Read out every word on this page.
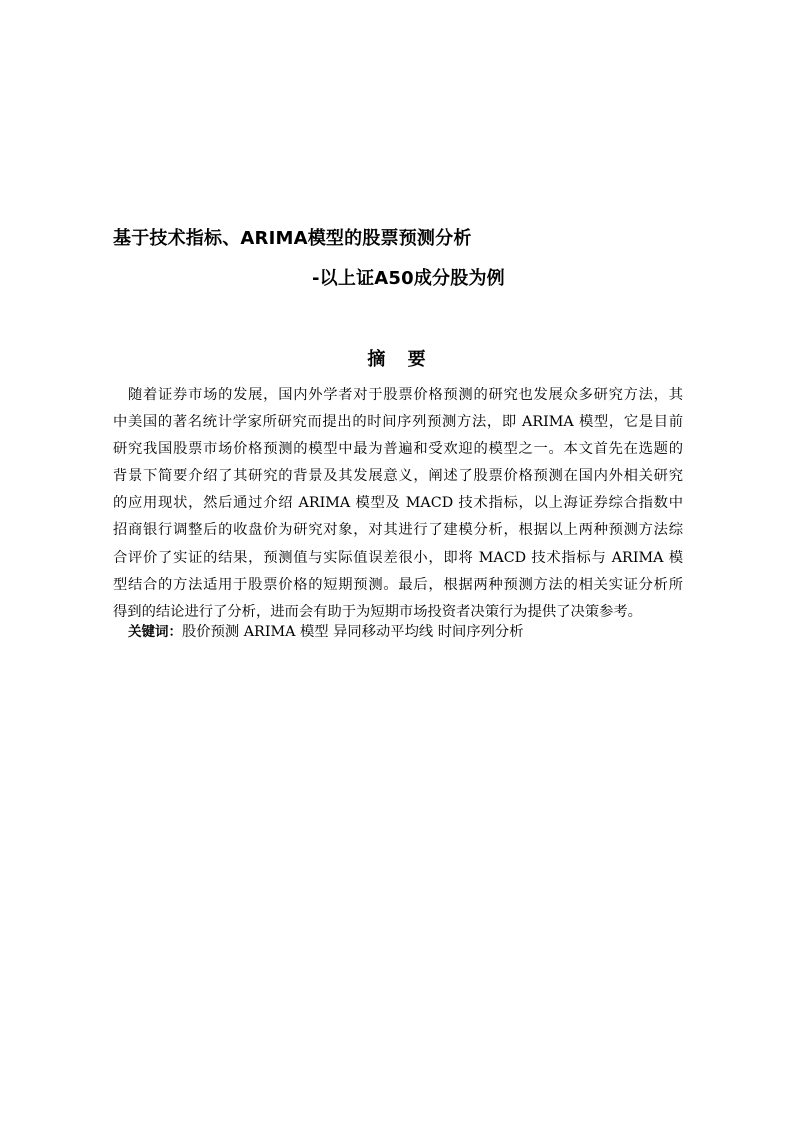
基于技术指标、ARIMA模型的股票预测分析
-以上证A50成分股为例
摘 要
随着证券市场的发展，国内外学者对于股票价格预测的研究也发展众多研究方法，其
中美国的著名统计学家所研究而提出的时间序列预测方法，即 ARIMA 模型，它是目前
研究我国股票市场价格预测的模型中最为普遍和受欢迎的模型之一。本文首先在选题的
背景下简要介绍了其研究的背景及其发展意义，阐述了股票价格预测在国内外相关研究
的应用现状，然后通过介绍 ARIMA 模型及 MACD 技术指标，以上海证券综合指数中
招商银行调整后的收盘价为研究对象，对其进行了建模分析，根据以上两种预测方法综
合评价了实证的结果，预测值与实际值误差很小，即将 MACD 技术指标与 ARIMA 模
型结合的方法适用于股票价格的短期预测。最后，根据两种预测方法的相关实证分析所
得到的结论进行了分析，进而会有助于为短期市场投资者决策行为提供了决策参考。
关键词：股价预测 ARIMA 模型 异同移动平均线 时间序列分析
